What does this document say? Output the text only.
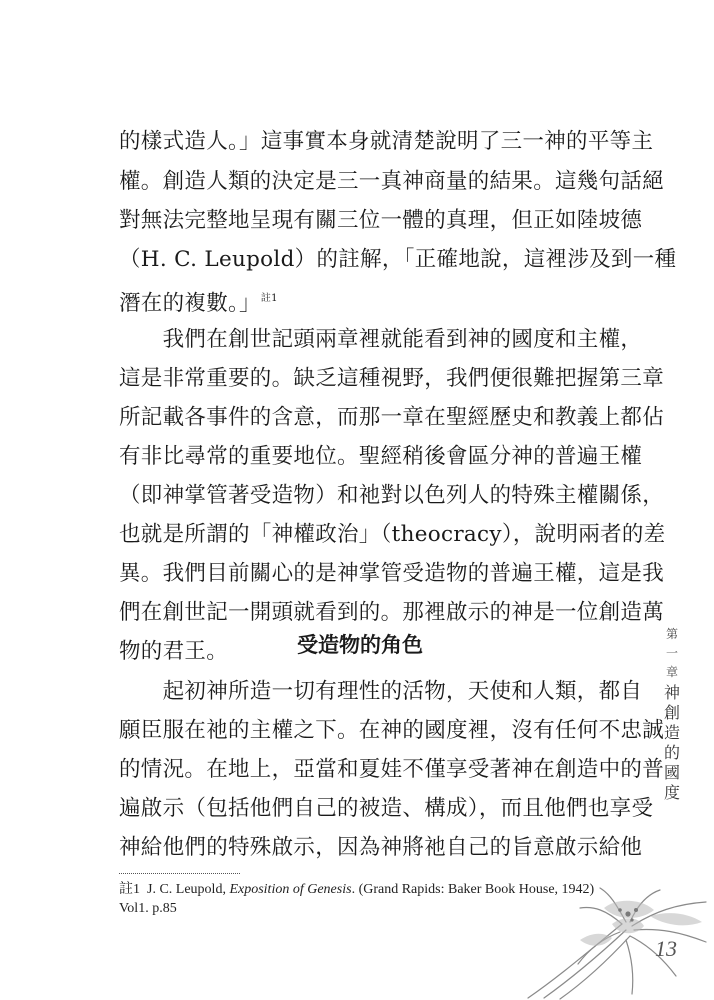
的樣式造人。」這事實本身就清楚說明了三一神的平等主
權。創造人類的決定是三一真神商量的結果。這幾句話絕
對無法完整地呈現有關三位一體的真理，但正如陸坡德
（H. C. Leupold）的註解，「正確地說，這裡涉及到一種
潛在的複數。」$^{註1}$
　　我們在創世記頭兩章裡就能看到神的國度和主權，
這是非常重要的。缺乏這種視野，我們便很難把握第三章
所記載各事件的含意，而那一章在聖經歷史和教義上都佔
有非比尋常的重要地位。聖經稍後會區分神的普遍王權
（即神掌管著受造物）和祂對以色列人的特殊主權關係，
也就是所謂的「神權政治」（theocracy），說明兩者的差
異。我們目前關心的是神掌管受造物的普遍王權，這是我
們在創世記一開頭就看到的。那裡啟示的神是一位創造萬
物的君王。	受造物的角色
　　起初神所造一切有理性的活物，天使和人類，都自
願臣服在祂的主權之下。在神的國度裡，沒有任何不忠誠
的情況。在地上，亞當和夏娃不僅享受著神在創造中的普
遍啟示（包括他們自己的被造、構成），而且他們也享受
神給他們的特殊啟示，因為神將祂自己的旨意啟示給他
第
一
章
神
創
造
的
國
度
註1 J. C. Leupold, Exposition of Genesis. (Grand Rapids: Baker Book House, 1942)
Vol1. p.85
13
